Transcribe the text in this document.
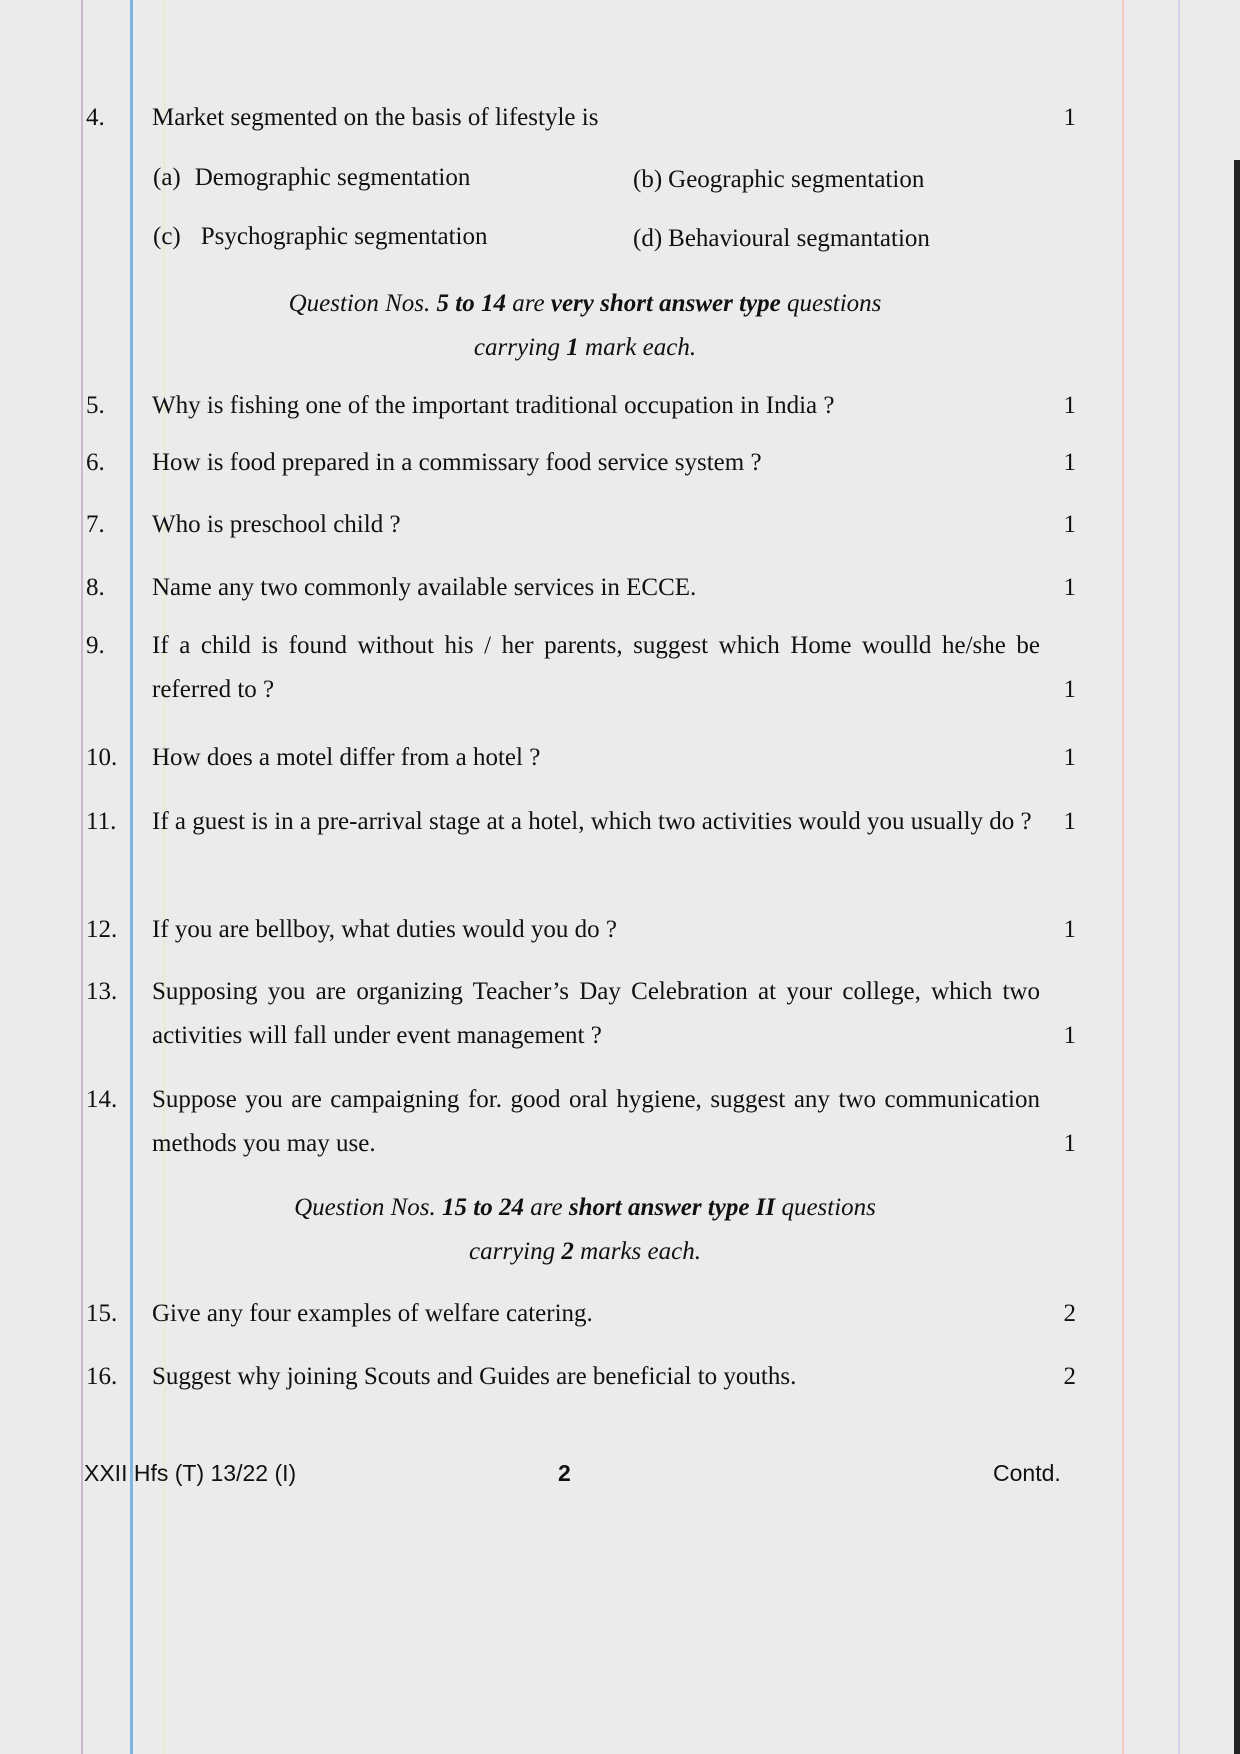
4.	Market segmented on the basis of lifestyle is	1
(a) Demographic segmentation	(b) Geographic segmentation
(c) Psychographic segmentation	(d) Behavioural segmantation
Question Nos. 5 to 14 are very short answer type questions
carrying 1 mark each.
5.	Why is fishing one of the important traditional occupation in India ?	1
6.	How is food prepared in a commissary food service system ?	1
7.	Who is preschool child ?	1
8.	Name any two commonly available services in ECCE.	1
9.	If a child is found without his / her parents, suggest which Home woulld he/she be referred to ?	1
10.	How does a motel differ from a hotel ?	1
11.	If a guest is in a pre-arrival stage at a hotel, which two activities would you usually do ?	1
12.	If you are bellboy, what duties would you do ?	1
13.	Supposing you are organizing Teacher’s Day Celebration at your college, which two activities will fall under event management ?	1
14.	Suppose you are campaigning for. good oral hygiene, suggest any two communication methods you may use.	1
Question Nos. 15 to 24 are short answer type II questions
carrying 2 marks each.
15.	Give any four examples of welfare catering.	2
16.	Suggest why joining Scouts and Guides are beneficial to youths.	2
XXII Hfs (T) 13/22 (I)	2	Contd.
